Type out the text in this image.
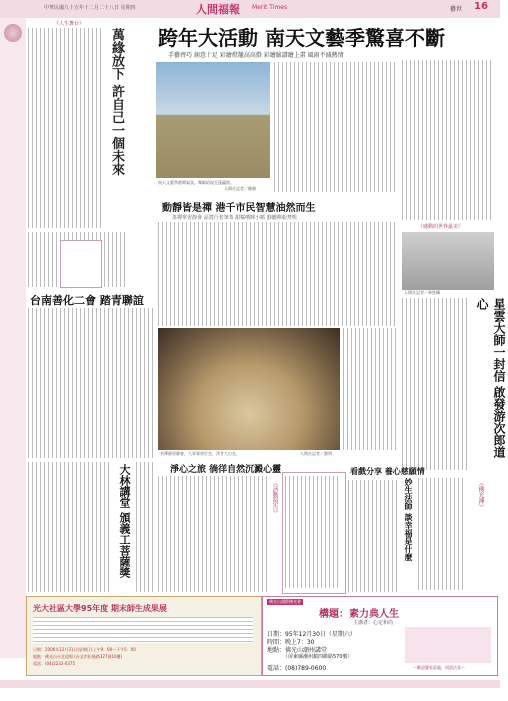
中華民國九十五年十二月二十八日 星期四	人間福報 Merit Times	藝世 16
《人生舞台》
萬緣放下 許自己一個未來 跨年大活動 南天文藝季驚喜不斷
手藝齊巧 創意十足 彩繪燈籠高高掛 彩繪臉譜繪上畫 風雨不減熱情
南天文藝季熱鬧氣氛，舞師給現至蓬瀛熱。
人間社記者／陳湘
動靜皆是禪 港千市民智慧油然而生
茶禪寧習靜會 品賞行者筆茶 甜糯嚐咪小點 靜聽禪曲梵唄
茶禪靜習靜會，大眾專習打坐，淨甘大自在。	人間社記者／劉明
《感動的世界最美》
人間社記者／林姓攝
星雲大師一封信 啟發游次郎道心
台南善化二會 踏青聯誼
大林講堂 頒義工菩薩獎	淨心之旅 徜徉自然沉澱心靈
《活動預告》
看戲分享 養心慈願情
妙生法師 談幸福是什麼	《佛光禪》
光大社區大學95年度 期末師生成果展
日期：2006年12月31日(星期日)上午9：00～下午5：00
地點：佛光山台北道場 (台北市松隆路327號10樓)
電話：(04)2232-0375
佛光山國際佛光會
構題：素力典人生
主講者：心定和尚
日期：95年12月30日（星期六）
時間：晚上7：30
地點：佛光山潮州講堂
（屏東縣潮州鎮四維路570號）
電話：(08)789-0600	～歡迎闔家蒞臨，同霑法喜～
